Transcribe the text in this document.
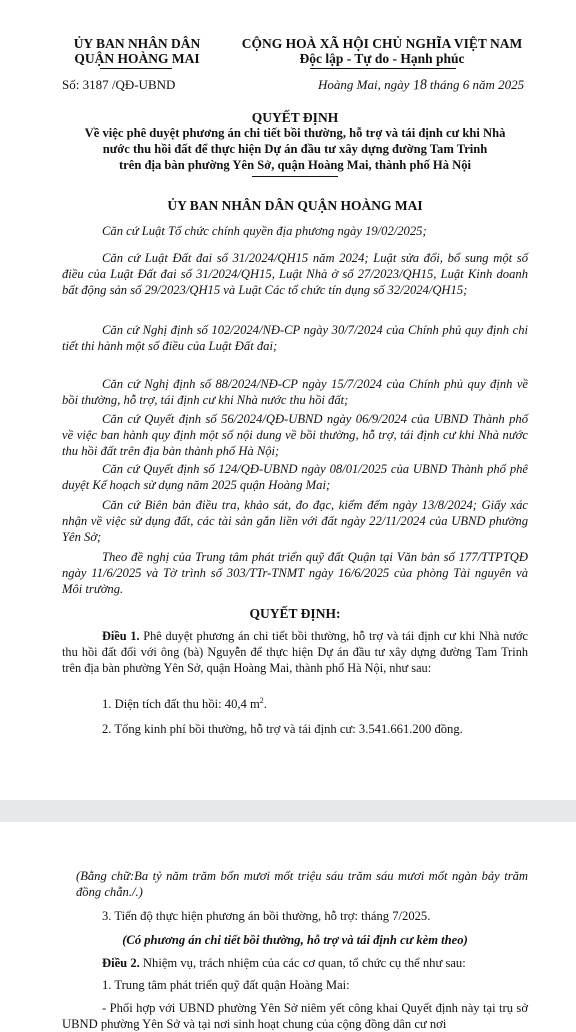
ỦY BAN NHÂN DÂN
QUẬN HOÀNG MAI
CỘNG HOÀ XÃ HỘI CHỦ NGHĨA VIỆT NAM
Độc lập - Tự do - Hạnh phúc
Số: 3187 /QĐ-UBND	Hoàng Mai, ngày 18 tháng 6 năm 2025
QUYẾT ĐỊNH
Về việc phê duyệt phương án chi tiết bồi thường, hỗ trợ và tái định cư khi Nhà
nước thu hồi đất để thực hiện Dự án đầu tư xây dựng đường Tam Trinh
trên địa bàn phường Yên Sở, quận Hoàng Mai, thành phố Hà Nội
ỦY BAN NHÂN DÂN QUẬN HOÀNG MAI
Căn cứ Luật Tổ chức chính quyền địa phương ngày 19/02/2025;
Căn cứ Luật Đất đai số 31/2024/QH15 năm 2024; Luật sửa đổi, bổ sung một số điều của Luật Đất đai số 31/2024/QH15, Luật Nhà ở số 27/2023/QH15, Luật Kinh doanh bất động sản số 29/2023/QH15 và Luật Các tổ chức tín dụng số 32/2024/QH15;
Căn cứ Nghị định số 102/2024/NĐ-CP ngày 30/7/2024 của Chính phủ quy định chi tiết thi hành một số điều của Luật Đất đai;
Căn cứ Nghị định số 88/2024/NĐ-CP ngày 15/7/2024 của Chính phủ quy định về bồi thường, hỗ trợ, tái định cư khi Nhà nước thu hồi đất;
Căn cứ Quyết định số 56/2024/QĐ-UBND ngày 06/9/2024 của UBND Thành phố về việc ban hành quy định một số nội dung về bồi thường, hỗ trợ, tái định cư khi Nhà nước thu hồi đất trên địa bàn thành phố Hà Nội;
Căn cứ Quyết định số 124/QĐ-UBND ngày 08/01/2025 của UBND Thành phố phê duyệt Kế hoạch sử dụng năm 2025 quận Hoàng Mai;
Căn cứ Biên bản điều tra, khảo sát, đo đạc, kiểm đếm ngày 13/8/2024; Giấy xác nhận về việc sử dụng đất, các tài sản gắn liền với đất ngày 22/11/2024 của UBND phường Yên Sở;
Theo đề nghị của Trung tâm phát triển quỹ đất Quận tại Văn bản số 177/TTPTQĐ ngày 11/6/2025 và Tờ trình số 303/TTr-TNMT ngày 16/6/2025 của phòng Tài nguyên và Môi trường.
QUYẾT ĐỊNH:
Điều 1. Phê duyệt phương án chi tiết bồi thường, hỗ trợ và tái định cư khi Nhà nước thu hồi đất đối với ông (bà) Nguyễn để thực hiện Dự án đầu tư xây dựng đường Tam Trinh trên địa bàn phường Yên Sở, quận Hoàng Mai, thành phố Hà Nội, như sau:
1. Diện tích đất thu hồi: 40,4 $m^2$.
2. Tổng kinh phí bồi thường, hỗ trợ và tái định cư: 3.541.661.200 đồng.
(Bằng chữ:Ba tỷ năm trăm bốn mươi mốt triệu sáu trăm sáu mươi mốt ngàn bảy trăm đồng chẵn./.)
3. Tiến độ thực hiện phương án bồi thường, hỗ trợ: tháng 7/2025.
(Có phương án chi tiết bồi thường, hỗ trợ và tái định cư kèm theo)
Điều 2. Nhiệm vụ, trách nhiệm của các cơ quan, tổ chức cụ thể như sau:
1. Trung tâm phát triển quỹ đất quận Hoàng Mai:
- Phối hợp với UBND phường Yên Sở niêm yết công khai Quyết định này tại trụ sở UBND phường Yên Sở và tại nơi sinh hoạt chung của cộng đồng dân cư nơi
